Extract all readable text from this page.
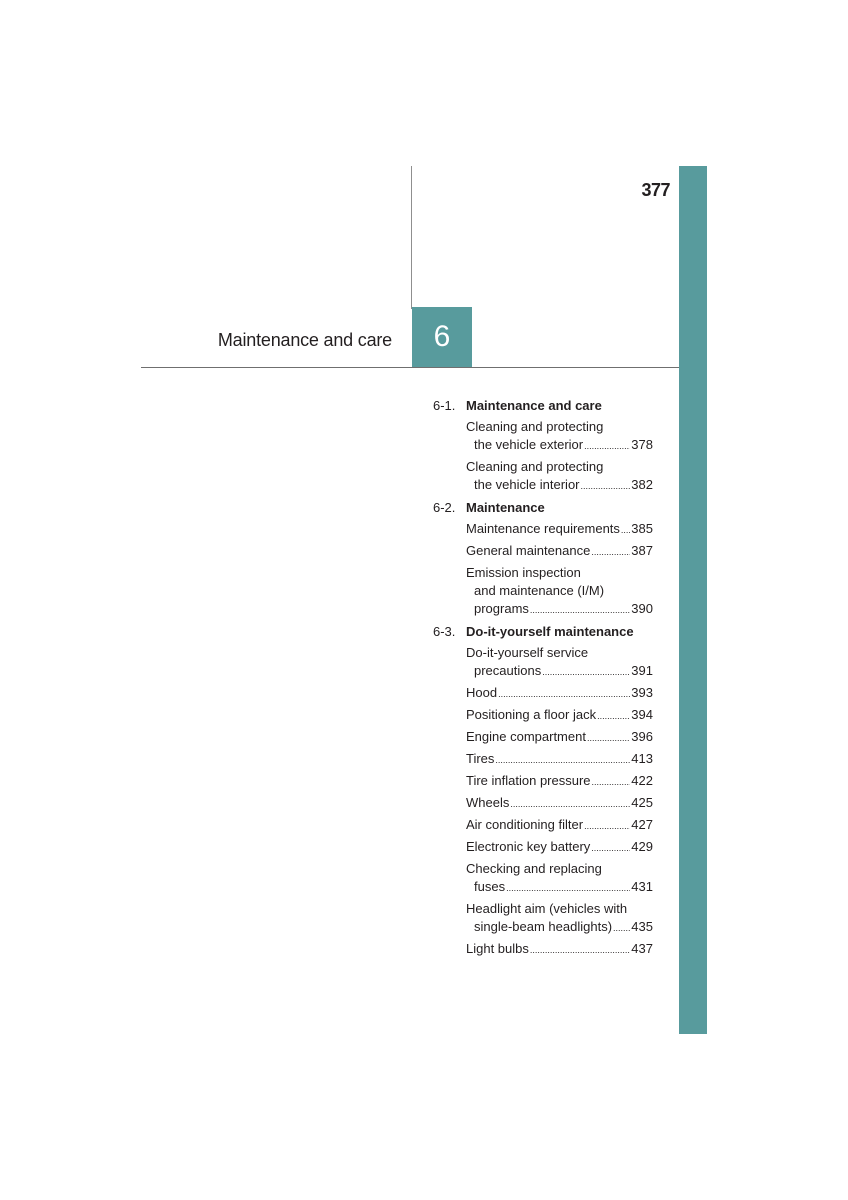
377
Maintenance and care	6
6-1. Maintenance and care
Cleaning and protecting
the vehicle exterior .....	378
Cleaning and protecting
the vehicle interior .....	382
6-2. Maintenance
Maintenance requirements ..... 385
General maintenance .....	387
Emission inspection
and maintenance (I/M)
programs .....	390
6-3. Do-it-yourself maintenance
Do-it-yourself service
precautions .....	391
Hood .....	393
Positioning a floor jack .....	394
Engine compartment .....	396
Tires .....	413
Tire inflation pressure .....	422
Wheels .....	425
Air conditioning filter .....	427
Electronic key battery .....	429
Checking and replacing
fuses .....	431
Headlight aim (vehicles with
single-beam headlights) ..... 435
Light bulbs .....	437
